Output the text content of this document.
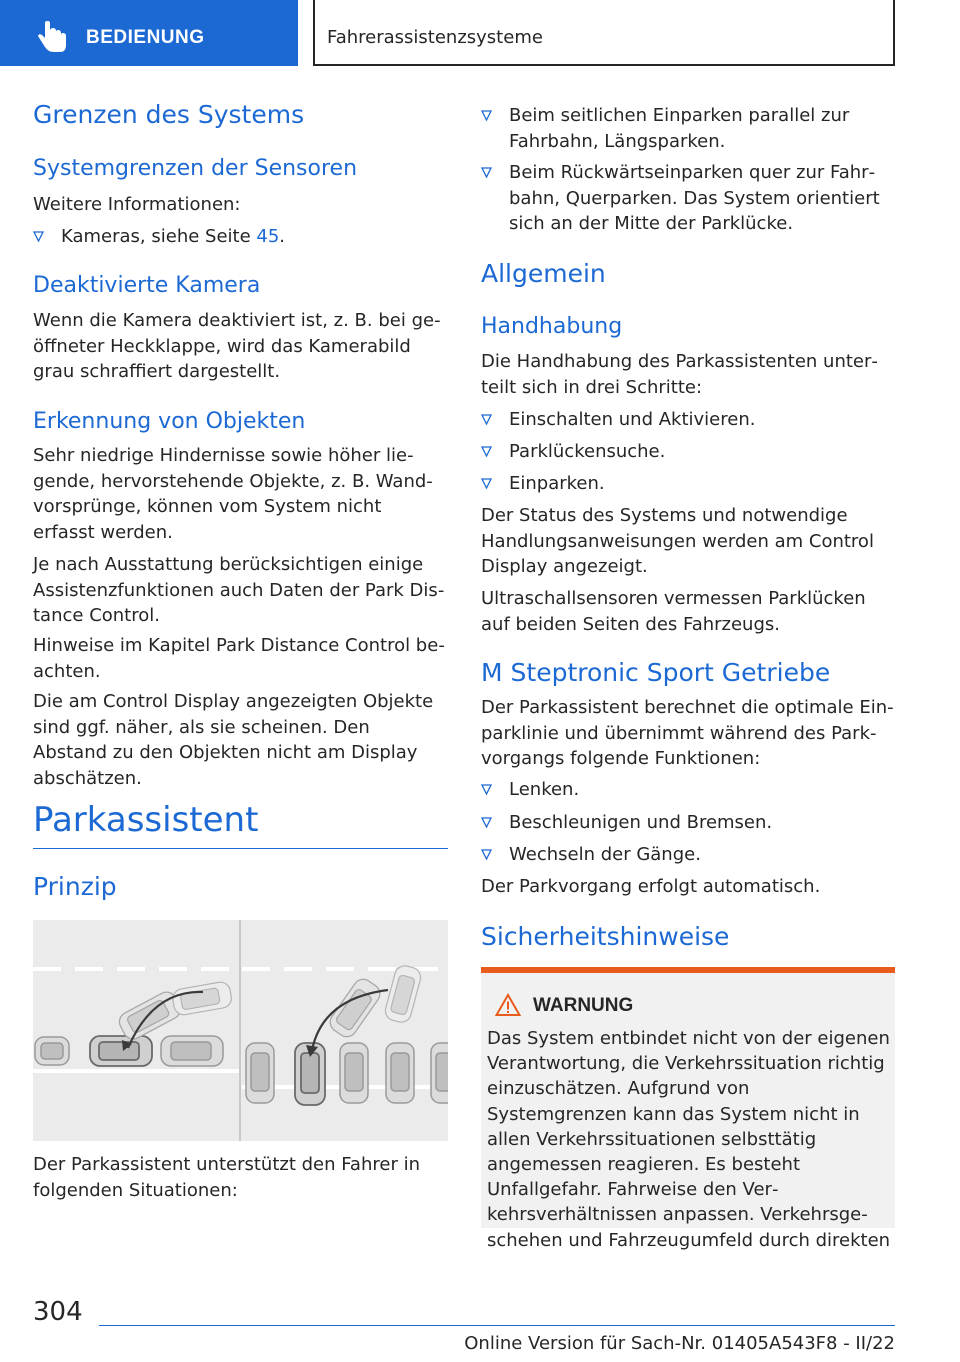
BEDIENUNG	Fahrerassistenzsysteme
Grenzen des Systems
Systemgrenzen der Sensoren
Weitere Informationen:
Kameras, siehe Seite 45.
Deaktivierte Kamera
Wenn die Kamera deaktiviert ist, z. B. bei geöffneter Heckklappe, wird das Kamerabild grau schraffiert dargestellt.
Erkennung von Objekten
Sehr niedrige Hindernisse sowie höher liegende, hervorstehende Objekte, z. B. Wandvorsprünge, können vom System nicht erfasst werden.
Je nach Ausstattung berücksichtigen einige Assistenzfunktionen auch Daten der Park Distance Control.
Hinweise im Kapitel Park Distance Control beachten.
Die am Control Display angezeigten Objekte sind ggf. näher, als sie scheinen. Den Abstand zu den Objekten nicht am Display abschätzen.
Parkassistent
Prinzip
Der Parkassistent unterstützt den Fahrer in folgenden Situationen:
Beim seitlichen Einparken parallel zur Fahrbahn, Längsparken.
Beim Rückwärtseinparken quer zur Fahrbahn, Querparken. Das System orientiert sich an der Mitte der Parklücke.
Allgemein
Handhabung
Die Handhabung des Parkassistenten unterteilt sich in drei Schritte:
Einschalten und Aktivieren.
Parklückensuche.
Einparken.
Der Status des Systems und notwendige Handlungsanweisungen werden am Control Display angezeigt.
Ultraschallsensoren vermessen Parklücken auf beiden Seiten des Fahrzeugs.
M Steptronic Sport Getriebe
Der Parkassistent berechnet die optimale Einparklinie und übernimmt während des Parkvorgangs folgende Funktionen:
Lenken.
Beschleunigen und Bremsen.
Wechseln der Gänge.
Der Parkvorgang erfolgt automatisch.
Sicherheitshinweise
WARNUNG
Das System entbindet nicht von der eigenen Verantwortung, die Verkehrssituation richtig einzuschätzen. Aufgrund von Systemgrenzen kann das System nicht in allen Verkehrssituationen selbsttätig angemessen reagieren. Es besteht Unfallgefahr. Fahrweise den Verkehrsverhältnissen anpassen. Verkehrsgeschehen und Fahrzeugumfeld durch direkten
304
Online Version für Sach-Nr. 01405A543F8 - II/22
